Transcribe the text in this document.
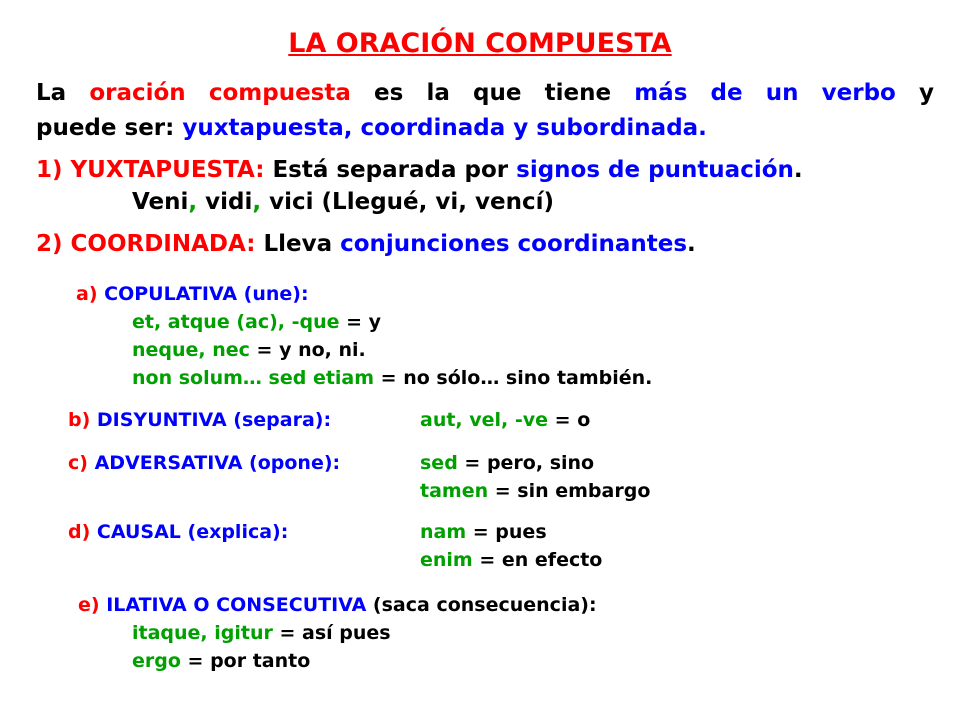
LA ORACIÓN COMPUESTA
La oración compuesta es la que tiene más de un verbo y
puede ser: yuxtapuesta, coordinada y subordinada.
1) YUXTAPUESTA: Está separada por signos de puntuación.
Veni, vidi, vici (Llegué, vi, vencí)
2) COORDINADA: Lleva conjunciones coordinantes.
a) COPULATIVA (une):
et, atque (ac), -que = y
neque, nec = y no, ni.
non solum… sed etiam = no sólo… sino también.
b) DISYUNTIVA (separa):	aut, vel, -ve = o
c) ADVERSATIVA (opone):	sed = pero, sino
tamen = sin embargo
d) CAUSAL (explica):	nam = pues
enim = en efecto
e) ILATIVA O CONSECUTIVA (saca consecuencia):
itaque, igitur = así pues
ergo = por tanto
